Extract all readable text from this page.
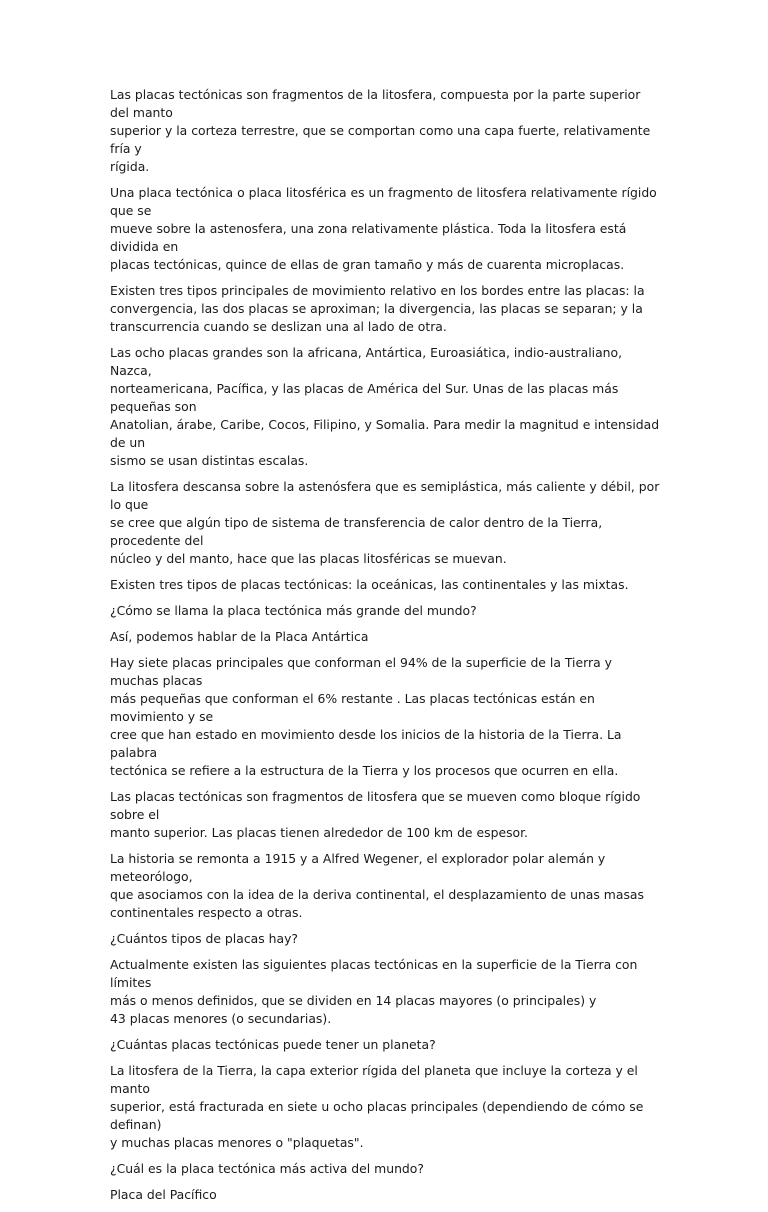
Las placas tectónicas son fragmentos de la litosfera, compuesta por la parte superior del manto
superior y la corteza terrestre, que se comportan como una capa fuerte, relativamente fría y
rígida.

Una placa tectónica o placa litosférica es un fragmento de litosfera relativamente rígido que se
mueve sobre la astenosfera, una zona relativamente plástica. Toda la litosfera está dividida en
placas tectónicas, quince de ellas de gran tamaño y más de cuarenta microplacas.

Existen tres tipos principales de movimiento relativo en los bordes entre las placas: la
convergencia, las dos placas se aproximan; la divergencia, las placas se separan; y la
transcurrencia cuando se deslizan una al lado de otra.

Las ocho placas grandes son la africana, Antártica, Euroasiática, indio-australiano, Nazca,
norteamericana, Pacífica, y las placas de América del Sur. Unas de las placas más pequeñas son
Anatolian, árabe, Caribe, Cocos, Filipino, y Somalia. Para medir la magnitud e intensidad de un
sismo se usan distintas escalas.

La litosfera descansa sobre la astenósfera que es semiplástica, más caliente y débil, por lo que
se cree que algún tipo de sistema de transferencia de calor dentro de la Tierra, procedente del
núcleo y del manto, hace que las placas litosféricas se muevan.

Existen tres tipos de placas tectónicas: la oceánicas, las continentales y las mixtas.

¿Cómo se llama la placa tectónica más grande del mundo?

Así, podemos hablar de la Placa Antártica

Hay siete placas principales que conforman el 94% de la superficie de la Tierra y muchas placas
más pequeñas que conforman el 6% restante . Las placas tectónicas están en movimiento y se
cree que han estado en movimiento desde los inicios de la historia de la Tierra. La palabra
tectónica se refiere a la estructura de la Tierra y los procesos que ocurren en ella.

Las placas tectónicas son fragmentos de litosfera que se mueven como bloque rígido sobre el
manto superior. Las placas tienen alrededor de 100 km de espesor.

La historia se remonta a 1915 y a Alfred Wegener, el explorador polar alemán y meteorólogo,
que asociamos con la idea de la deriva continental, el desplazamiento de unas masas
continentales respecto a otras.

¿Cuántos tipos de placas hay?

Actualmente existen las siguientes placas tectónicas en la superficie de la Tierra con límites
más o menos definidos, que se dividen en 14 placas mayores (o principales) y
43 placas menores (o secundarias).

¿Cuántas placas tectónicas puede tener un planeta?

La litosfera de la Tierra, la capa exterior rígida del planeta que incluye la corteza y el manto
superior, está fracturada en siete u ocho placas principales (dependiendo de cómo se definan)
y muchas placas menores o "plaquetas".

¿Cuál es la placa tectónica más activa del mundo?

Placa del Pacífico
